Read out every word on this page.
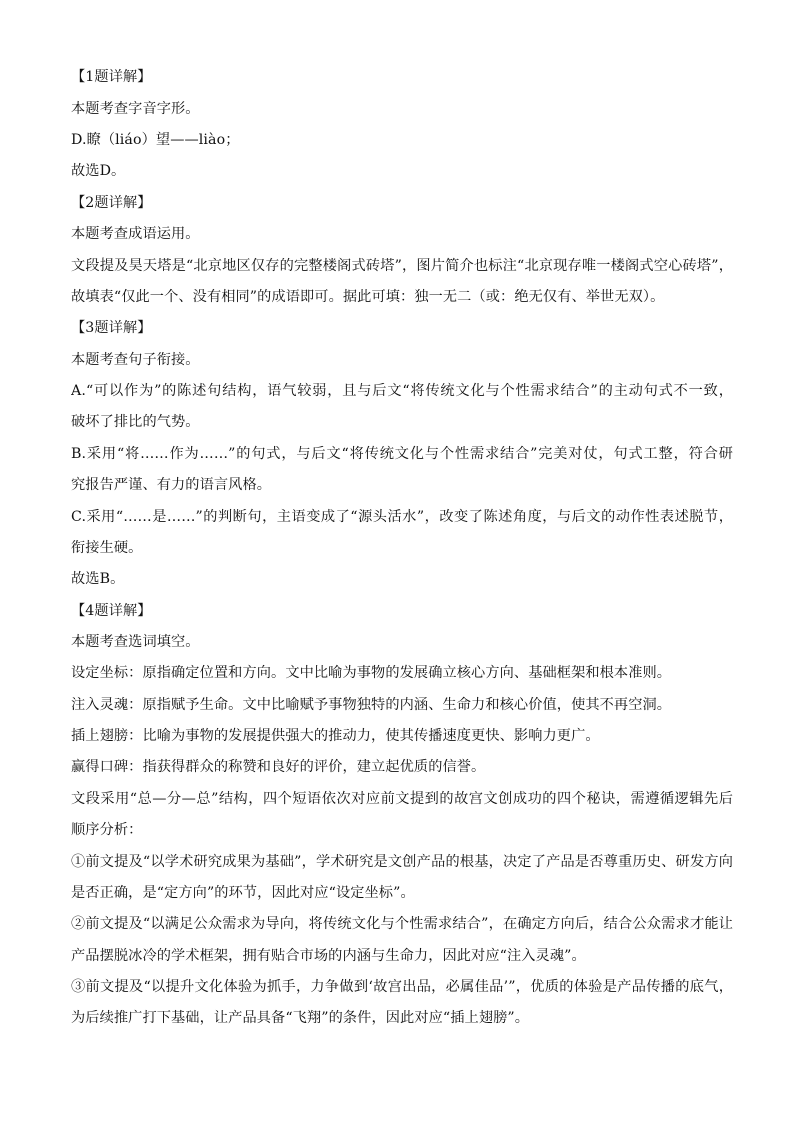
【1题详解】
本题考查字音字形。
D.瞭（liáo）望——liào；
故选D。
【2题详解】
本题考查成语运用。
文段提及昊天塔是“北京地区仅存的完整楼阁式砖塔”，图片简介也标注“北京现存唯一楼阁式空心砖塔”，
故填表“仅此一个、没有相同”的成语即可。据此可填：独一无二（或：绝无仅有、举世无双）。
【3题详解】
本题考查句子衔接。
A.“可以作为”的陈述句结构，语气较弱，且与后文“将传统文化与个性需求结合”的主动句式不一致，
破坏了排比的气势。
B.采用“将……作为……”的句式，与后文“将传统文化与个性需求结合”完美对仗，句式工整，符合研
究报告严谨、有力的语言风格。
C.采用“……是……”的判断句，主语变成了“源头活水”，改变了陈述角度，与后文的动作性表述脱节，
衔接生硬。
故选B。
【4题详解】
本题考查选词填空。
设定坐标：原指确定位置和方向。文中比喻为事物的发展确立核心方向、基础框架和根本准则。
注入灵魂：原指赋予生命。文中比喻赋予事物独特的内涵、生命力和核心价值，使其不再空洞。
插上翅膀：比喻为事物的发展提供强大的推动力，使其传播速度更快、影响力更广。
赢得口碑：指获得群众的称赞和良好的评价，建立起优质的信誉。
文段采用“总—分—总”结构，四个短语依次对应前文提到的故宫文创成功的四个秘诀，需遵循逻辑先后
顺序分析：
①前文提及“以学术研究成果为基础”，学术研究是文创产品的根基，决定了产品是否尊重历史、研发方向
是否正确，是“定方向”的环节，因此对应“设定坐标”。
②前文提及“以满足公众需求为导向，将传统文化与个性需求结合”，在确定方向后，结合公众需求才能让
产品摆脱冰冷的学术框架，拥有贴合市场的内涵与生命力，因此对应“注入灵魂”。
③前文提及“以提升文化体验为抓手，力争做到‘故宫出品，必属佳品’”，优质的体验是产品传播的底气，
为后续推广打下基础，让产品具备“飞翔”的条件，因此对应“插上翅膀”。
